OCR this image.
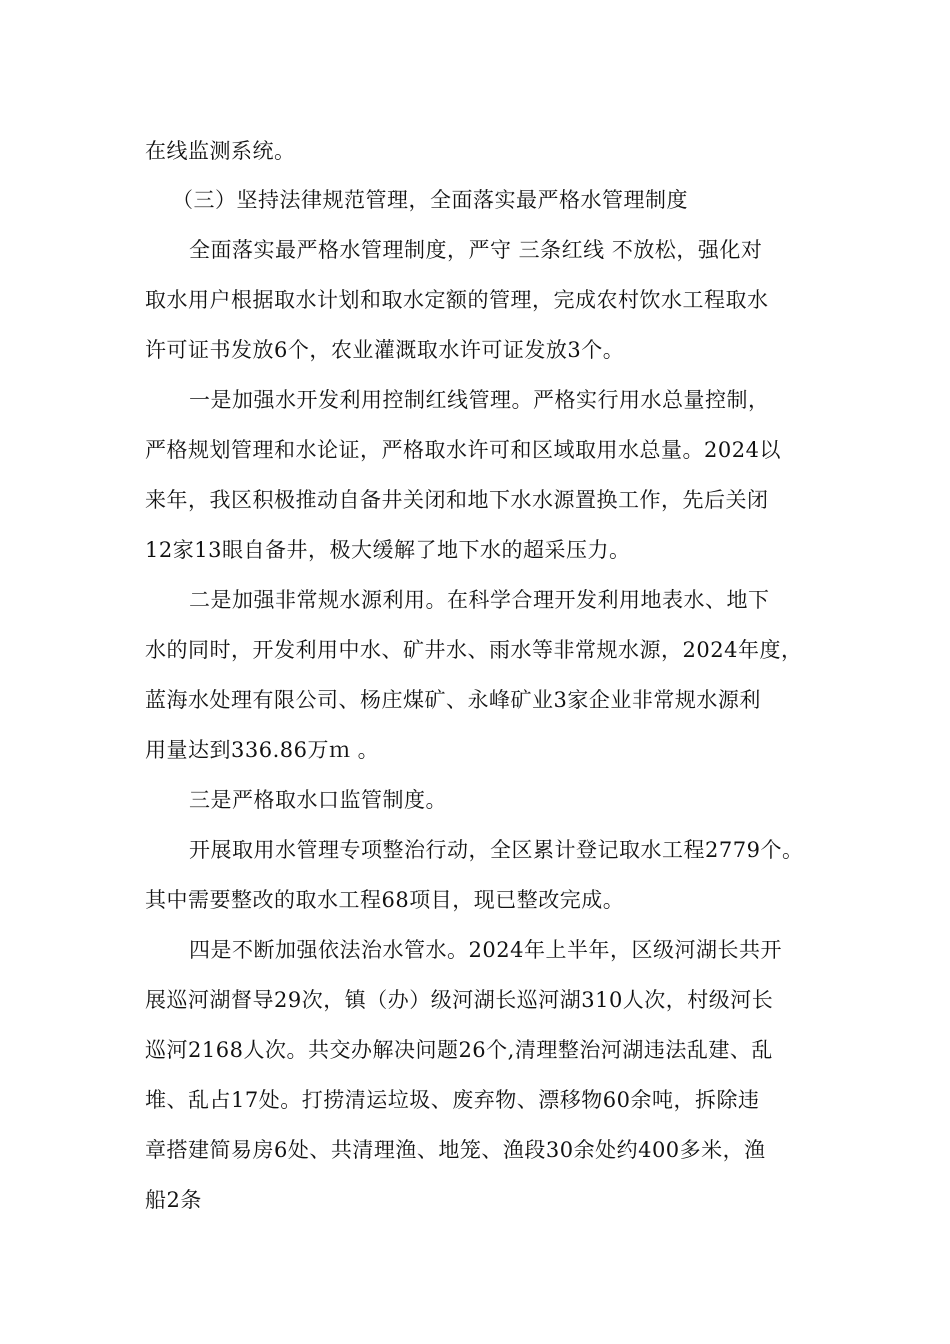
在线监测系统。

（三）坚持法律规范管理，全面落实最严格水管理制度

全面落实最严格水管理制度，严守 三条红线 不放松，强化对

取水用户根据取水计划和取水定额的管理，完成农村饮水工程取水

许可证书发放6个，农业灌溉取水许可证发放3个。

一是加强水开发利用控制红线管理。严格实行用水总量控制，

严格规划管理和水论证，严格取水许可和区域取用水总量。2024以

来年，我区积极推动自备井关闭和地下水水源置换工作，先后关闭

12家13眼自备井，极大缓解了地下水的超采压力。

二是加强非常规水源利用。在科学合理开发利用地表水、地下

水的同时，开发利用中水、矿井水、雨水等非常规水源，2024年度，

蓝海水处理有限公司、杨庄煤矿、永峰矿业3家企业非常规水源利

用量达到336.86万ｍ 。

三是严格取水口监管制度。

开展取用水管理专项整治行动，全区累计登记取水工程2779个。

其中需要整改的取水工程68项目，现已整改完成。

四是不断加强依法治水管水。2024年上半年，区级河湖长共开

展巡河湖督导29次，镇（办）级河湖长巡河湖310人次，村级河长

巡河2168人次。共交办解决问题26个,清理整治河湖违法乱建、乱

堆、乱占17处。打捞清运垃圾、废弃物、漂移物60余吨，拆除违

章搭建简易房6处、共清理渔、地笼、渔段30余处约400多米，渔

船2条
